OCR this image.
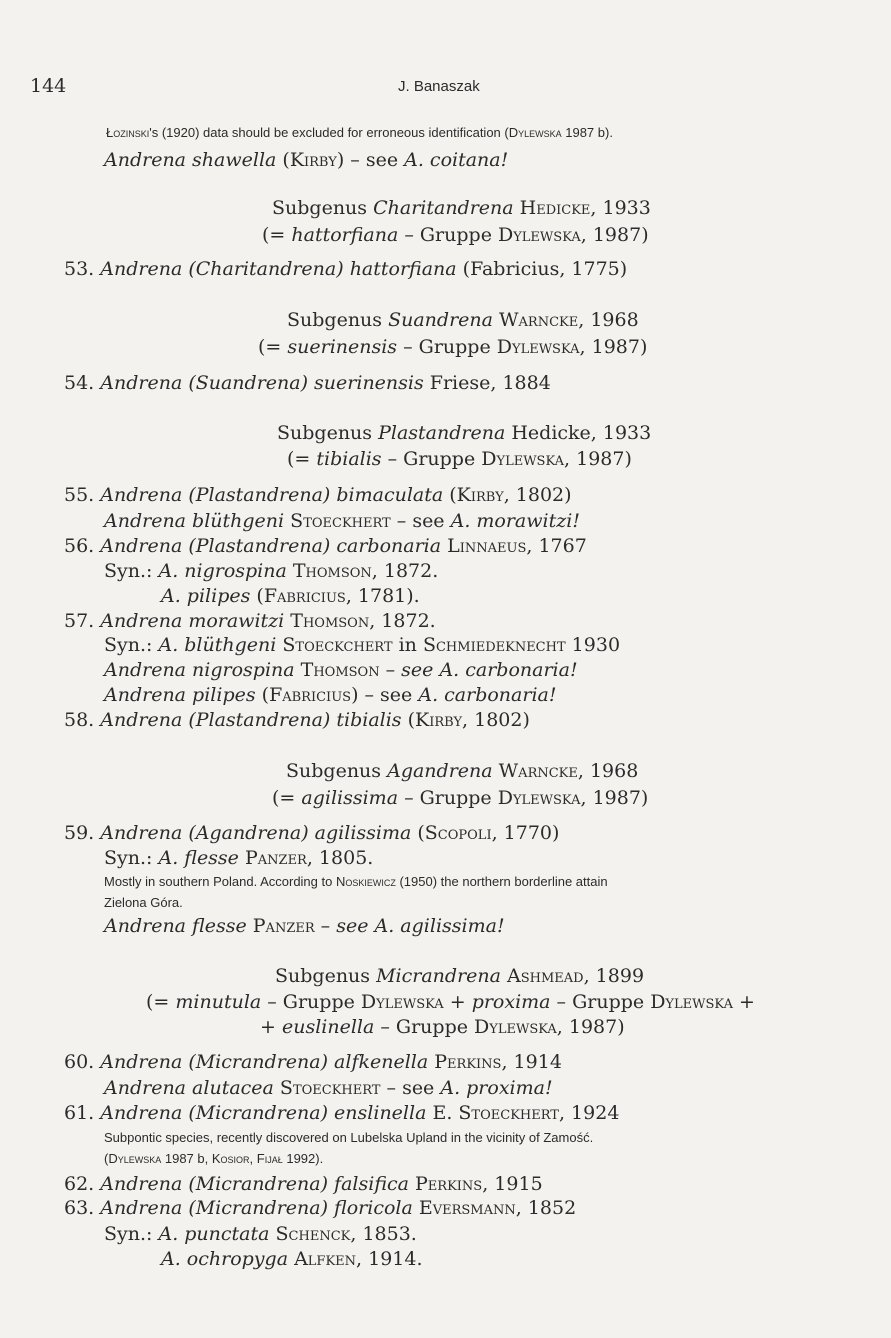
144	J. Banaszak
Łozinski's (1920) data should be excluded for erroneous identification (Dylewska 1987 b).
Andrena shawella (Kirby) – see A. coitana!
Subgenus Charitandrena Hedicke, 1933
(= hattorfiana – Gruppe Dylewska, 1987)
53. Andrena (Charitandrena) hattorfiana (Fabricius, 1775)
Subgenus Suandrena Warncke, 1968
(= suerinensis – Gruppe Dylewska, 1987)
54. Andrena (Suandrena) suerinensis Friese, 1884
Subgenus Plastandrena Hedicke, 1933
(= tibialis – Gruppe Dylewska, 1987)
55. Andrena (Plastandrena) bimaculata (Kirby, 1802)
Andrena blüthgeni Stoeckhert – see A. morawitzi!
56. Andrena (Plastandrena) carbonaria Linnaeus, 1767
Syn.: A. nigrospina Thomson, 1872.
A. pilipes (Fabricius, 1781).
57. Andrena morawitzi Thomson, 1872.
Syn.: A. blüthgeni Stoeckchert in Schmiedeknecht 1930
Andrena nigrospina Thomson – see A. carbonaria!
Andrena pilipes (Fabricius) – see A. carbonaria!
58. Andrena (Plastandrena) tibialis (Kirby, 1802)
Subgenus Agandrena Warncke, 1968
(= agilissima – Gruppe Dylewska, 1987)
59. Andrena (Agandrena) agilissima (Scopoli, 1770)
Syn.: A. flesse Panzer, 1805.
Mostly in southern Poland. According to Noskiewicz (1950) the northern borderline attain
Zielona Góra.
Andrena flesse Panzer – see A. agilissima!
Subgenus Micrandrena Ashmead, 1899
(= minutula – Gruppe Dylewska + proxima – Gruppe Dylewska +
+ euslinella – Gruppe Dylewska, 1987)
60. Andrena (Micrandrena) alfkenella Perkins, 1914
Andrena alutacea Stoeckhert – see A. proxima!
61. Andrena (Micrandrena) enslinella E. Stoeckhert, 1924
Subpontic species, recently discovered on Lubelska Upland in the vicinity of Zamość.
(Dylewska 1987 b, Kosior, Fijał 1992).
62. Andrena (Micrandrena) falsifica Perkins, 1915
63. Andrena (Micrandrena) floricola Eversmann, 1852
Syn.: A. punctata Schenck, 1853.
A. ochropyga Alfken, 1914.
